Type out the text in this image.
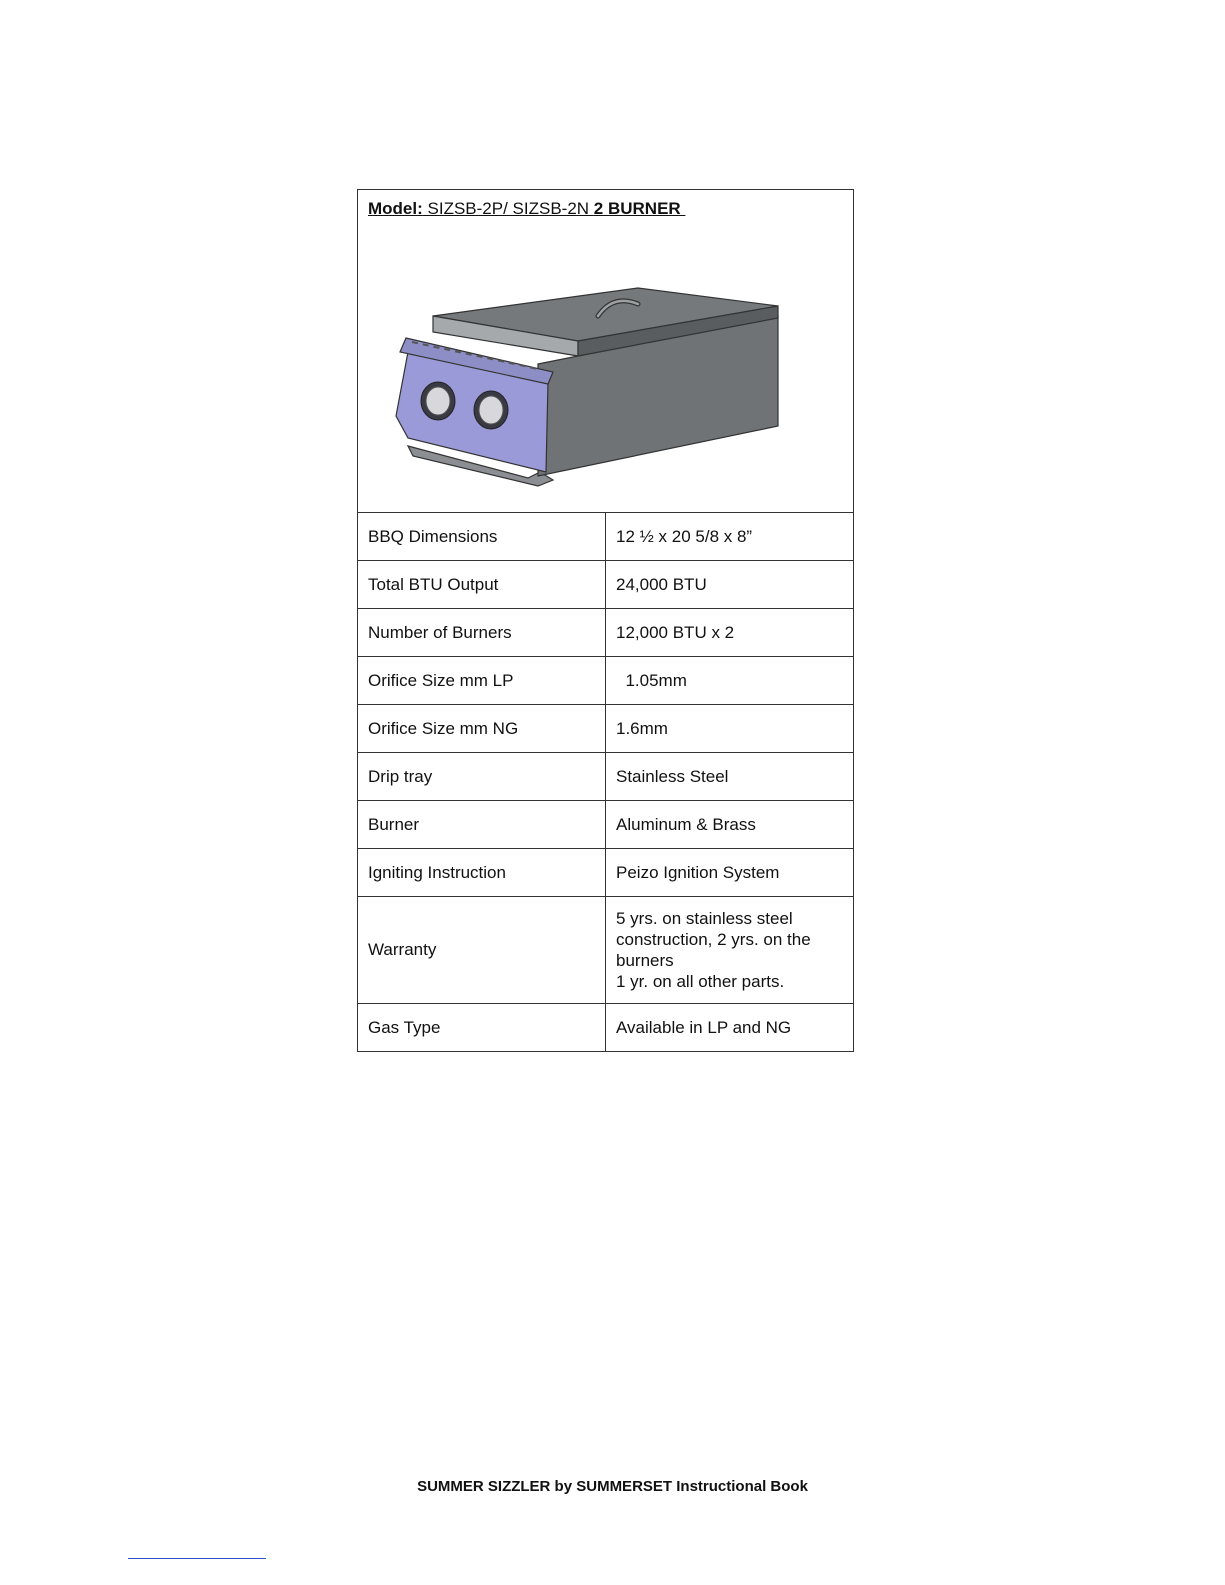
Model: SIZSB-2P/ SIZSB-2N 2 BURNER	

BBQ Dimensions	12 ½ x 20 5/8 x 8”
Total BTU Output	24,000 BTU
Number of Burners	12,000 BTU x 2
Orifice Size mm LP	1.05mm
Orifice Size mm NG	1.6mm
Drip tray	Stainless Steel
Burner	Aluminum & Brass
Igniting Instruction	Peizo Ignition System
Warranty	5 yrs. on stainless steel
construction, 2 yrs. on the burners
1 yr. on all other parts.

Gas Type	Available in LP and NG
SUMMER SIZZLER by SUMMERSET Instructional Book
